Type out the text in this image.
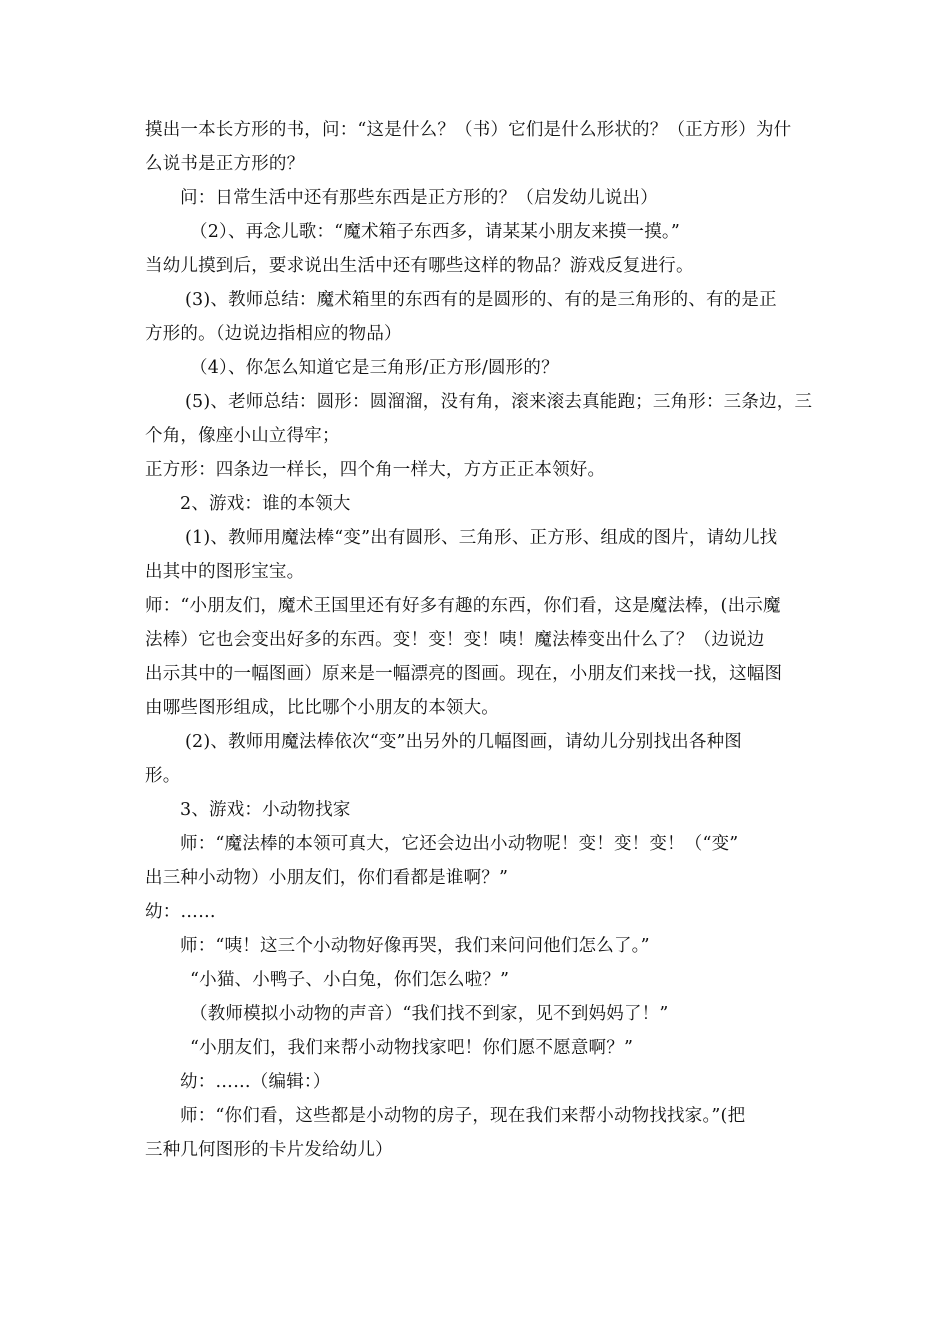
摸出一本长方形的书，问：“这是什么？（书）它们是什么形状的？（正方形）为什

么说书是正方形的？

问：日常生活中还有那些东西是正方形的？（启发幼儿说出）

（2）、再念儿歌：“魔术箱子东西多，请某某小朋友来摸一摸。”

当幼儿摸到后，要求说出生活中还有哪些这样的物品？游戏反复进行。

(3)、教师总结：魔术箱里的东西有的是圆形的、有的是三角形的、有的是正

方形的。（边说边指相应的物品）

（4）、你怎么知道它是三角形/正方形/圆形的？

(5)、老师总结：圆形：圆溜溜，没有角，滚来滚去真能跑；三角形：三条边，三

个角，像座小山立得牢；

正方形：四条边一样长，四个角一样大，方方正正本领好。

2、游戏：谁的本领大

(1)、教师用魔法棒“变”出有圆形、三角形、正方形、组成的图片，请幼儿找

出其中的图形宝宝。

师：“小朋友们，魔术王国里还有好多有趣的东西，你们看，这是魔法棒，(出示魔

法棒）它也会变出好多的东西。变！变！变！咦！魔法棒变出什么了？（边说边

出示其中的一幅图画）原来是一幅漂亮的图画。现在，小朋友们来找一找，这幅图

由哪些图形组成，比比哪个小朋友的本领大。

(2)、教师用魔法棒依次“变”出另外的几幅图画，请幼儿分别找出各种图

形。

3、游戏：小动物找家

师：“魔法棒的本领可真大，它还会边出小动物呢！变！变！变！（“变”

出三种小动物）小朋友们，你们看都是谁啊？”

幼：……

师：“咦！这三个小动物好像再哭，我们来问问他们怎么了。”

“小猫、小鸭子、小白兔，你们怎么啦？”

（教师模拟小动物的声音）“我们找不到家，见不到妈妈了！”

“小朋友们，我们来帮小动物找家吧！你们愿不愿意啊？”

幼：……（编辑：）

师：“你们看，这些都是小动物的房子，现在我们来帮小动物找找家。”(把

三种几何图形的卡片发给幼儿）
